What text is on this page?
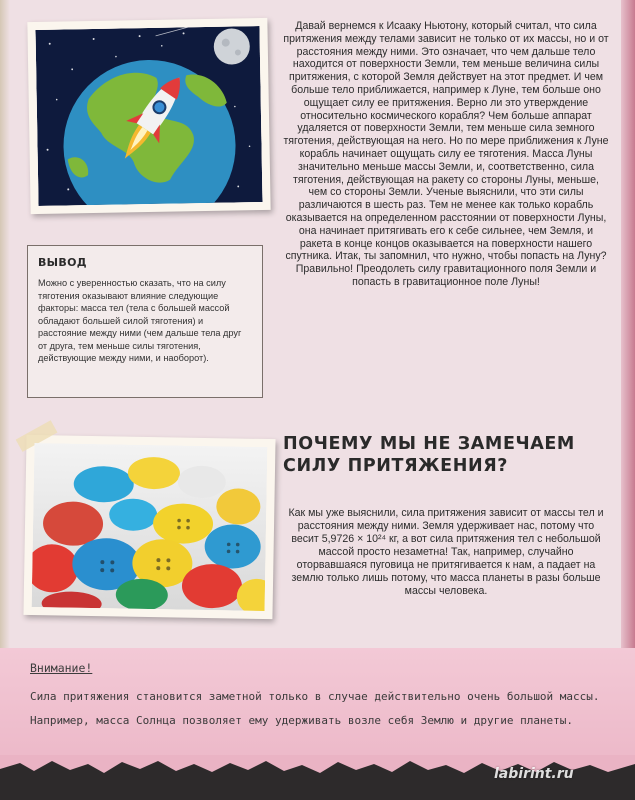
ВЫВОД

Можно с уверенностью сказать, что на силу тяготения оказывают влияние следующие факторы: масса тел (тела с большей массой обладают большей силой тяготения) и расстояние между ними (чем дальше тела друг от друга, тем меньше силы тяготения, действующие между ними, и наоборот).

Давай вернемся к Исааку Ньютону, который считал, что сила притяжения между телами зависит не только от их массы, но и от расстояния между ними. Это означает, что чем дальше тело находится от поверхности Земли, тем меньше величина силы притяжения, с которой Земля действует на этот предмет. И чем больше тело приближается, например к Луне, тем больше оно ощущает силу ее притяжения. Верно ли это утверждение относительно космического корабля? Чем больше аппарат удаляется от поверхности Земли, тем меньше сила земного тяготения, действующая на него. Но по мере приближения к Луне корабль начинает ощущать силу ее тяготения. Масса Луны значительно меньше массы Земли, и, соответственно, сила тяготения, действующая на ракету со стороны Луны, меньше, чем со стороны Земли. Ученые выяснили, что эти силы различаются в шесть раз. Тем не менее как только корабль оказывается на определенном расстоянии от поверхности Луны, она начинает притягивать его к себе сильнее, чем Земля, и ракета в конце концов оказывается на поверхности нашего спутника. Итак, ты запомнил, что нужно, чтобы попасть на Луну? Правильно! Преодолеть силу гравитационного поля Земли и попасть в гравитационное поле Луны!

ПОЧЕМУ МЫ НЕ ЗАМЕЧАЕМ СИЛУ ПРИТЯЖЕНИЯ?

Как мы уже выяснили, сила притяжения зависит от массы тел и расстояния между ними. Земля удерживает нас, потому что весит 5,9726 × 10²⁴ кг, а вот сила притяжения тел с небольшой массой просто незаметна! Так, например, случайно оторвавшаяся пуговица не притягивается к нам, а падает на землю только лишь потому, что масса планеты в разы больше массы человека.

Внимание!

Сила притяжения становится заметной только в случае действительно очень большой массы. Например, масса Солнца позволяет ему удерживать возле себя Землю и другие планеты.

labirint.ru
